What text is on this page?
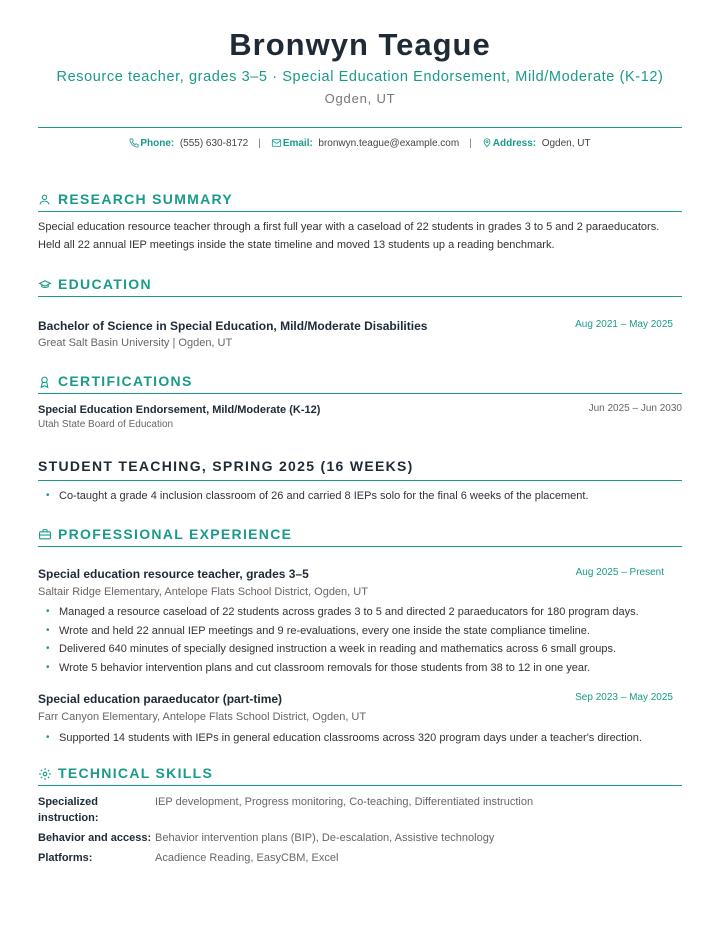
Bronwyn Teague
Resource teacher, grades 3–5 · Special Education Endorsement, Mild/Moderate (K-12)
Ogden, UT
Phone: (555) 630-8172 | Email: bronwyn.teague@example.com | Address: Ogden, UT
RESEARCH SUMMARY
Special education resource teacher through a first full year with a caseload of 22 students in grades 3 to 5 and 2 paraeducators. Held all 22 annual IEP meetings inside the state timeline and moved 13 students up a reading benchmark.
EDUCATION
Bachelor of Science in Special Education, Mild/Moderate Disabilities
Great Salt Basin University | Ogden, UT
Aug 2021 – May 2025
CERTIFICATIONS
Special Education Endorsement, Mild/Moderate (K-12)
Utah State Board of Education
Jun 2025 – Jun 2030
STUDENT TEACHING, SPRING 2025 (16 WEEKS)
• Co-taught a grade 4 inclusion classroom of 26 and carried 8 IEPs solo for the final 6 weeks of the placement.
PROFESSIONAL EXPERIENCE
Special education resource teacher, grades 3–5
Saltair Ridge Elementary, Antelope Flats School District, Ogden, UT
Aug 2025 – Present
• Managed a resource caseload of 22 students across grades 3 to 5 and directed 2 paraeducators for 180 program days.
• Wrote and held 22 annual IEP meetings and 9 re-evaluations, every one inside the state compliance timeline.
• Delivered 640 minutes of specially designed instruction a week in reading and mathematics across 6 small groups.
• Wrote 5 behavior intervention plans and cut classroom removals for those students from 38 to 12 in one year.
Special education paraeducator (part-time)
Farr Canyon Elementary, Antelope Flats School District, Ogden, UT
Sep 2023 – May 2025
• Supported 14 students with IEPs in general education classrooms across 320 program days under a teacher's direction.
TECHNICAL SKILLS
Specialized instruction:
IEP development, Progress monitoring, Co-teaching, Differentiated instruction
Behavior and access: Behavior intervention plans (BIP), De-escalation, Assistive technology
Platforms:	Acadience Reading, EasyCBM, Excel
